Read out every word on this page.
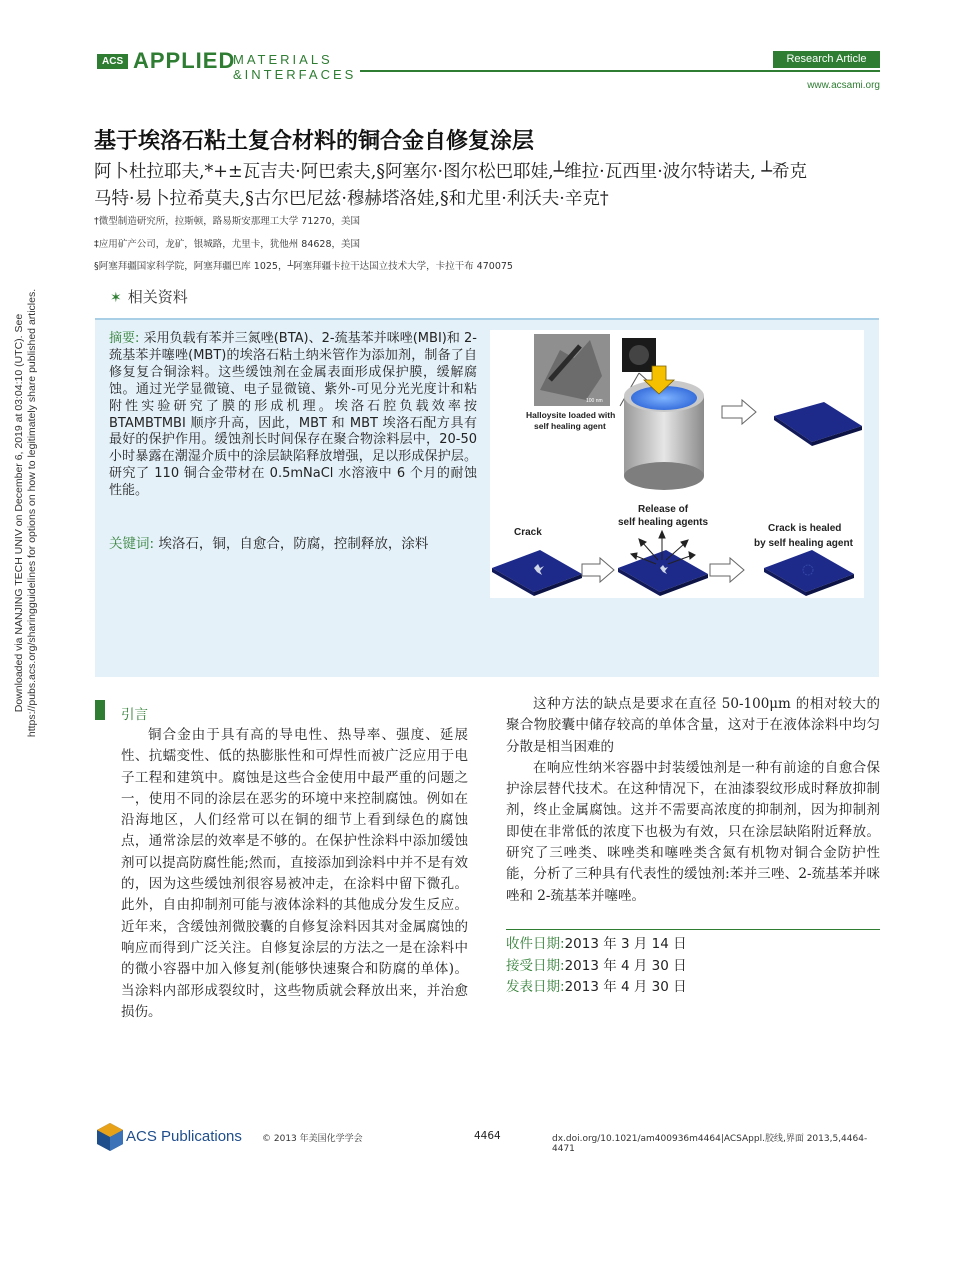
ACS APPLIED
MATERIALS
&INTERFACES
Research Article
www.acsami.org
Downloaded via NANJING TECH UNIV on December 6, 2019 at 03:04:10 (UTC). See https://pubs.acs.org/sharingguidelines for options on how to legitimately share published articles.
基于埃洛石粘土复合材料的铜合金自修复涂层
阿卜杜拉耶夫,*+±瓦吉夫·阿巴索夫,§阿塞尔·图尔松巴耶娃,┴维拉·瓦西里·波尔特诺夫, ┴希克
马特·易卜拉希莫夫,§古尔巴尼兹·穆赫塔洛娃,§和尤里·利沃夫·辛克†
†微型制造研究所，拉斯顿，路易斯安那理工大学 71270，美国
‡应用矿产公司，龙矿，银城路，尤里卡，犹他州 84628，美国
§阿塞拜疆国家科学院，阿塞拜疆巴库 1025，┴阿塞拜疆卡拉干达国立技术大学，卡拉干布 470075
✶ 相关资料
摘要: 采用负载有苯并三氮唑(BTA)、2-巯基苯并咪唑(MBI)和 2-巯基苯并噻唑(MBT)的埃洛石粘土纳米管作为添加剂，制备了自修复复合铜涂料。这些缓蚀剂在金属表面形成保护膜，缓解腐蚀。通过光学显微镜、电子显微镜、紫外-可见分光光度计和粘附性实验研究了膜的形成机理。埃洛石腔负载效率按 BTAMBTMBI 顺序升高，因此，MBT 和 MBT 埃洛石配方具有最好的保护作用。缓蚀剂长时间保存在聚合物涂料层中，20-50 小时暴露在潮湿介质中的涂层缺陷释放增强，足以形成保护层。研究了 110 铜合金带材在 0.5mNaCl 水溶液中 6 个月的耐蚀性能。
关键词: 埃洛石，铜，自愈合，防腐，控制释放，涂料
100 nm
Halloysite loaded with
self healing agent
Release of
self healing agents
Crack	Crack is healed
by self healing agent
引言
铜合金由于具有高的导电性、热导率、强度、延展性、抗蠕变性、低的热膨胀性和可焊性而被广泛应用于电子工程和建筑中。腐蚀是这些合金使用中最严重的问题之一，使用不同的涂层在恶劣的环境中来控制腐蚀。例如在沿海地区，人们经常可以在铜的细节上看到绿色的腐蚀点，通常涂层的效率是不够的。在保护性涂料中添加缓蚀剂可以提高防腐性能;然而，直接添加到涂料中并不是有效的，因为这些缓蚀剂很容易被冲走，在涂料中留下微孔。此外，自由抑制剂可能与液体涂料的其他成分发生反应。近年来，含缓蚀剂微胶囊的自修复涂料因其对金属腐蚀的响应而得到广泛关注。自修复涂层的方法之一是在涂料中的微小容器中加入修复剂(能够快速聚合和防腐的单体)。当涂料内部形成裂纹时，这些物质就会释放出来，并治愈损伤。

这种方法的缺点是要求在直径 50-100μm 的相对较大的聚合物胶囊中储存较高的单体含量，这对于在液体涂料中均匀分散是相当困难的

在响应性纳米容器中封装缓蚀剂是一种有前途的自愈合保护涂层替代技术。在这种情况下，在油漆裂纹形成时释放抑制剂，终止金属腐蚀。这并不需要高浓度的抑制剂，因为抑制剂即使在非常低的浓度下也极为有效，只在涂层缺陷附近释放。研究了三唑类、咪唑类和噻唑类含氮有机物对铜合金防护性能，分析了三种具有代表性的缓蚀剂:苯并三唑、2-巯基苯并咪唑和 2-巯基苯并噻唑。

收件日期:2013 年 3 月 14 日
接受日期:2013 年 4 月 30 日
发表日期:2013 年 4 月 30 日
ACS Publications © 2013 年美国化学学会	4464	dx.doi.org/10.1021/am400936m4464|ACSAppl.胶线,界面 2013,5,4464-4471
